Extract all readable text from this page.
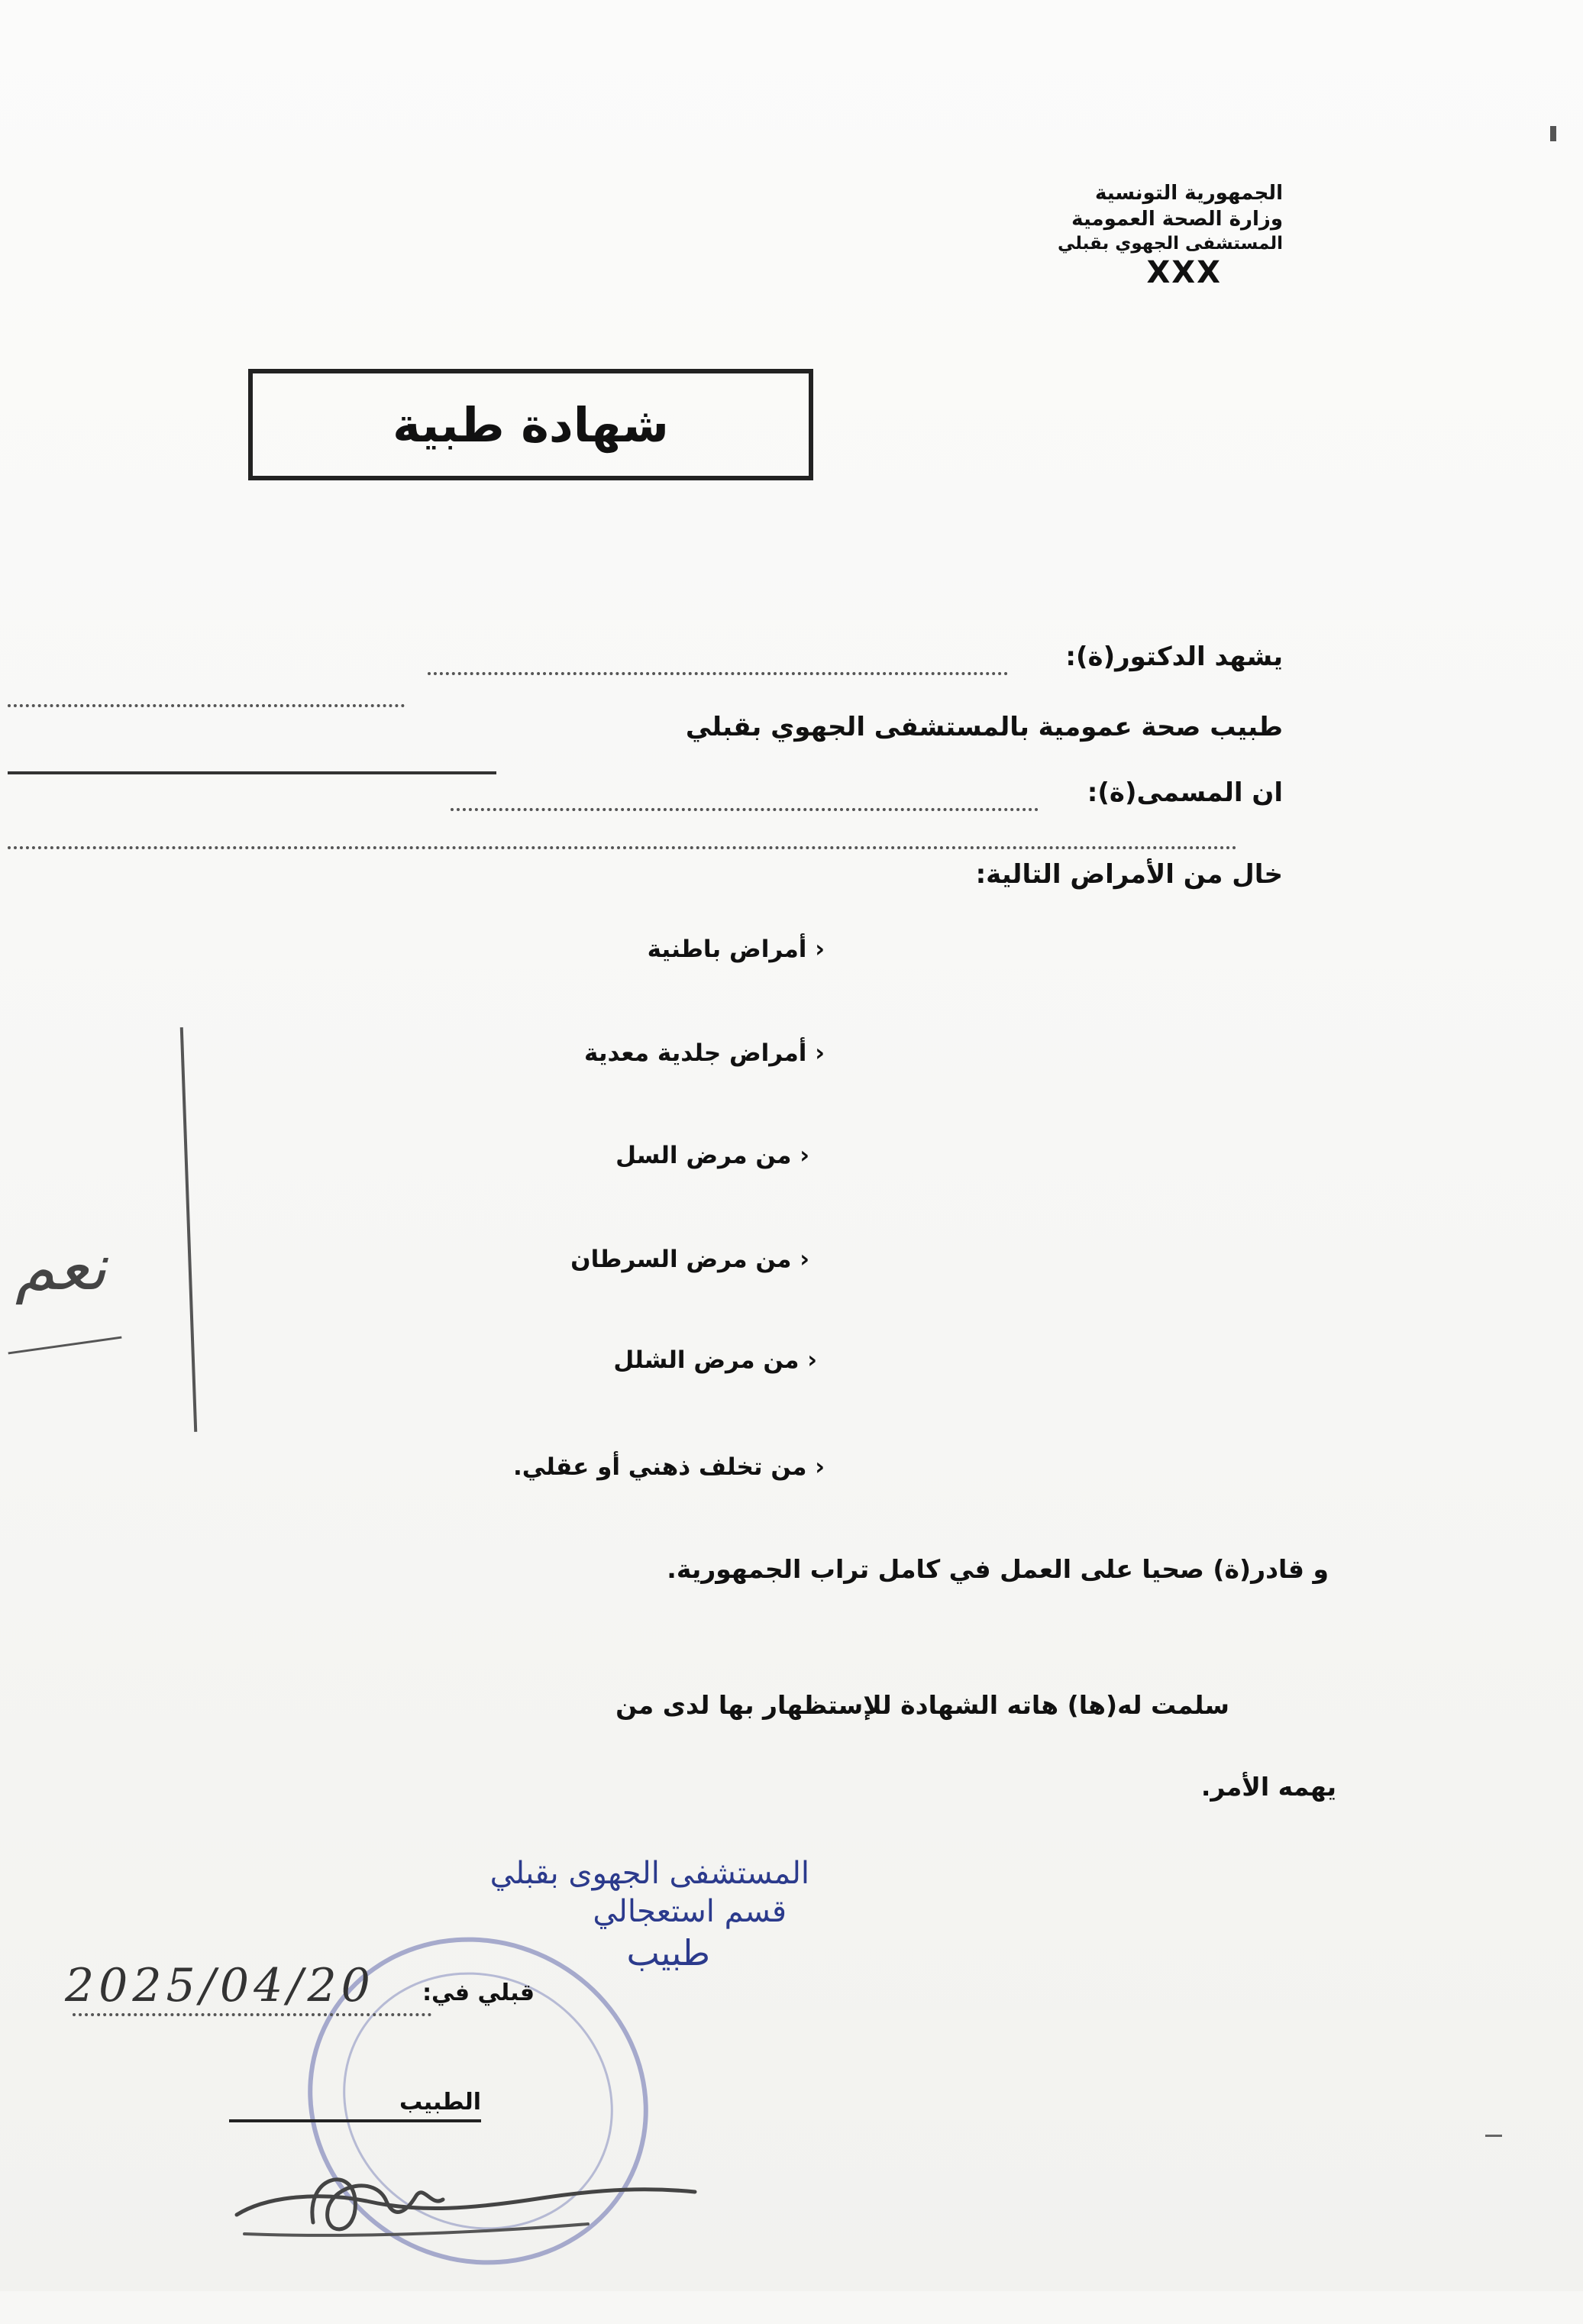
الجمهورية التونسية
وزارة الصحة العمومية
المستشفى الجهوي بقبلي
XXX
شهادة طبية
يشهد الدكتور(ة):
طبيب صحة عمومية بالمستشفى الجهوي بقبلي
ان المسمى(ة):
خال من الأمراض التالية:
‹ أمراض باطنية
‹ أمراض جلدية معدية
‹ من مرض السل
‹ من مرض السرطان
‹ من مرض الشلل
‹ من تخلف ذهني أو عقلي.
نعم
و قادر(ة) صحيا على العمل في كامل تراب الجمهورية.
سلمت له(ها) هاته الشهادة للإستظهار بها لدى من
يهمه الأمر.
المستشفى الجهوى بقبلي
قسم استعجالي
طبيب
قبلي في:
2025/04/20
الطبيب
